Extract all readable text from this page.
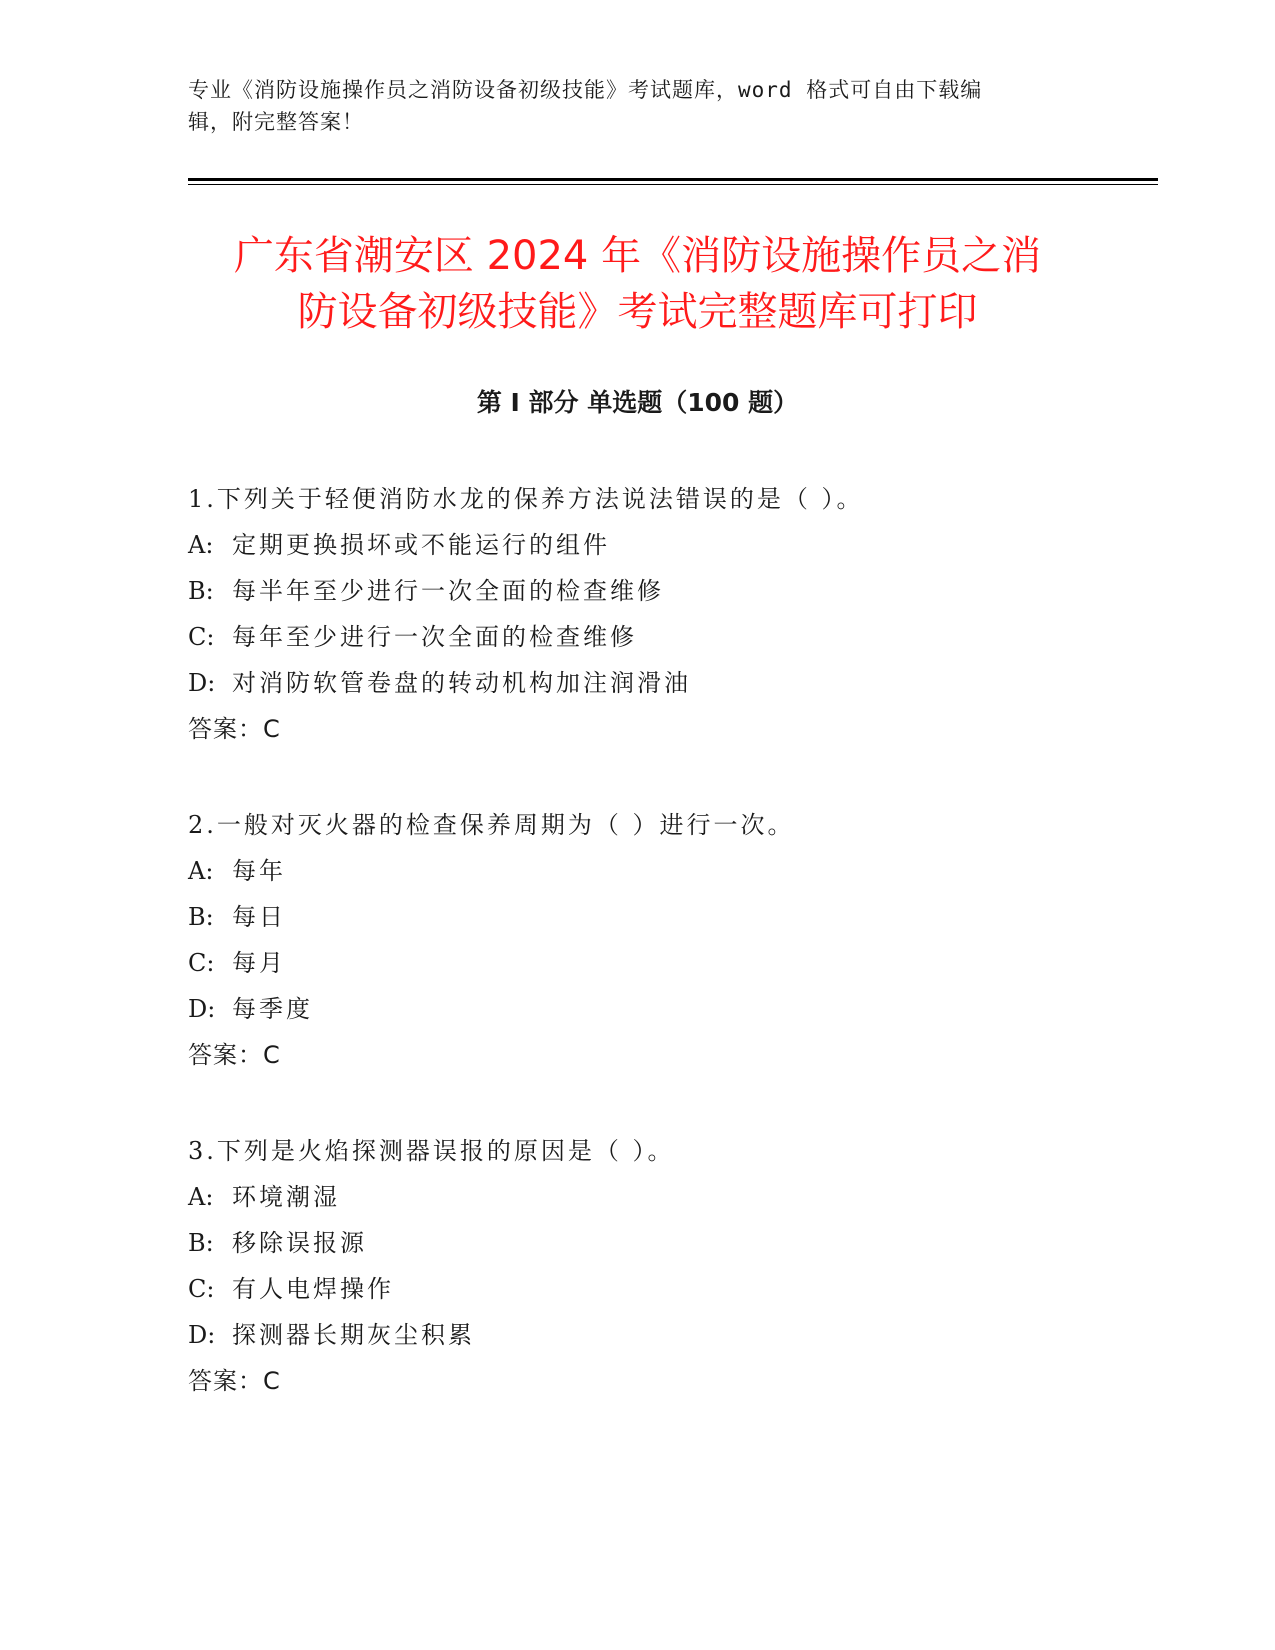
专业《消防设施操作员之消防设备初级技能》考试题库，word 格式可自由下载编
辑，附完整答案！
广东省潮安区 2024 年《消防设施操作员之消
防设备初级技能》考试完整题库可打印
第 I 部分 单选题（100 题）
1.下列关于轻便消防水龙的保养方法说法错误的是（ ）。
A: 定期更换损坏或不能运行的组件
B: 每半年至少进行一次全面的检查维修
C: 每年至少进行一次全面的检查维修
D: 对消防软管卷盘的转动机构加注润滑油
答案：C
2.一般对灭火器的检查保养周期为（ ）进行一次。
A: 每年
B: 每日
C: 每月
D: 每季度
答案：C
3.下列是火焰探测器误报的原因是（ ）。
A: 环境潮湿
B: 移除误报源
C: 有人电焊操作
D: 探测器长期灰尘积累
答案：C
